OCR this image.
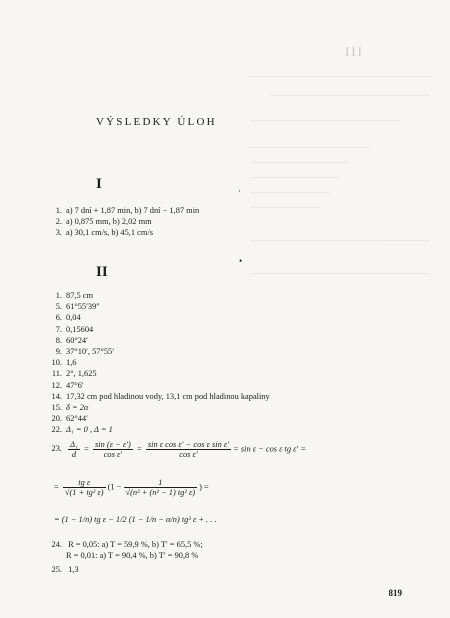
III
VÝSLEDKY ÚLOH
I	·
1. a) 7 dní + 1,87 min, b) 7 dní − 1,87 min
2. a) 0,875 mm, b) 2,02 mm
3. a) 30,1 cm/s, b) 45,1 cm/s
•
II
1. 87,5 cm
5. 61°55′39″
6. 0,04
7. 0,15604
8. 60°24′
9. 37°10′, 57°55′
10. 1,6
11. 2°, 1,625
12. 47°6′
14. 17,32 cm pod hladinou vody, 13,1 cm pod hladinou kapaliny
15. δ = 2α
20. 62°44′
22. Δ₁ = 0 , Δ = 1
23. $\frac{\text{Δ₁}}{d} = \frac{\sin (\varepsilon - \varepsilon')}{\text{cos ε′}} = \frac{\text{sin ε cos ε′ − cos ε sin ε′}}{\text{cos ε′}} = \sin \varepsilon - \cos \varepsilon$ tg ε′ =
= $\frac{\text{tg ε}}{\text{√(1 + tg² ε)}} (1 - \frac{1}{\text{√(n² + (n² − 1) tg² ε)}}$ ) =
= (1 − 1/n) tg ε − 1/2 (1 − 1/n − α/n) tg³ ε + . . .
24. R = 0,05: a) T = 59,9 %, b) T′ = 65,5 %;
R = 0,01: a) T = 90,4 %, b) T′ = 90,8 %
25. 1,3
819
